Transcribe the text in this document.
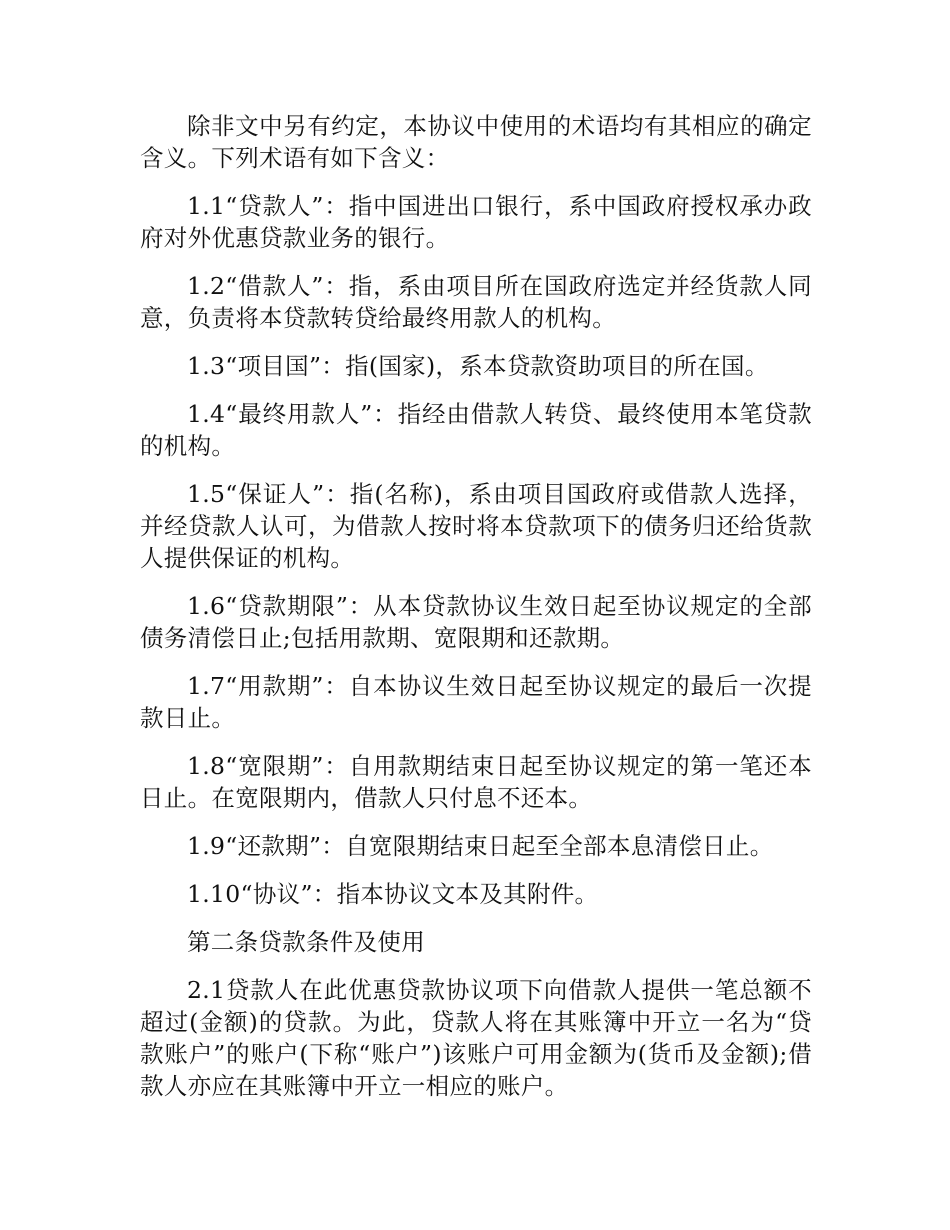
除非文中另有约定，本协议中使用的术语均有其相应的确定含义。下列术语有如下含义：

1.1“贷款人”：指中国进出口银行，系中国政府授权承办政府对外优惠贷款业务的银行。

1.2“借款人”：指，系由项目所在国政府选定并经货款人同意，负责将本贷款转贷给最终用款人的机构。

1.3“项目国”：指(国家)，系本贷款资助项目的所在国。

1.4“最终用款人”：指经由借款人转贷、最终使用本笔贷款的机构。

1.5“保证人”：指(名称)，系由项目国政府或借款人选择，并经贷款人认可，为借款人按时将本贷款项下的债务归还给货款人提供保证的机构。

1.6“贷款期限”：从本贷款协议生效日起至协议规定的全部债务清偿日止;包括用款期、宽限期和还款期。

1.7“用款期”：自本协议生效日起至协议规定的最后一次提款日止。

1.8“宽限期”：自用款期结束日起至协议规定的第一笔还本日止。在宽限期内，借款人只付息不还本。

1.9“还款期”：自宽限期结束日起至全部本息清偿日止。

1.10“协议”：指本协议文本及其附件。

第二条贷款条件及使用

2.1贷款人在此优惠贷款协议项下向借款人提供一笔总额不超过(金额)的贷款。为此，贷款人将在其账簿中开立一名为“贷款账户”的账户(下称“账户”)该账户可用金额为(货币及金额);借款人亦应在其账簿中开立一相应的账户。
